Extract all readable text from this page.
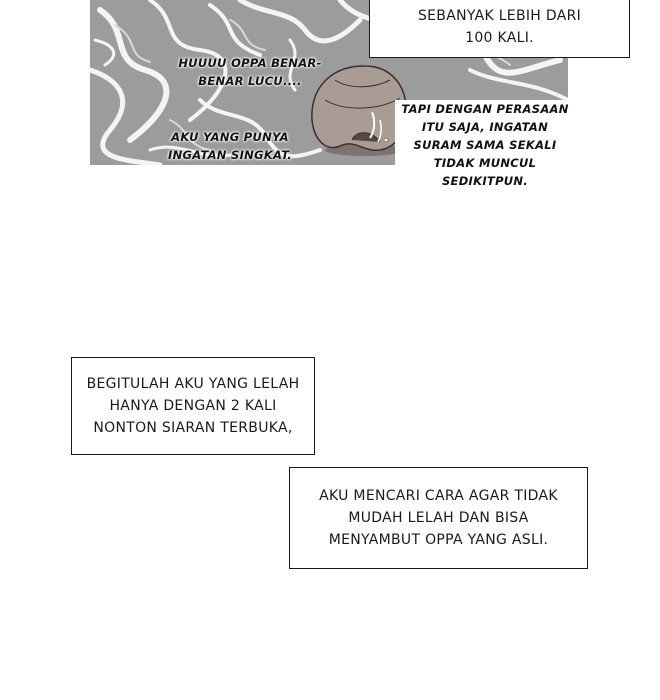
HUUUU OPPA BENAR-
BENAR LUCU....
AKU YANG PUNYA
INGATAN SINGKAT.
TAPI DENGAN PERASAAN
ITU SAJA, INGATAN
SURAM SAMA SEKALI
TIDAK MUNCUL
SEDIKITPUN.
SEBANYAK LEBIH DARI
100 KALI.
BEGITULAH AKU YANG LELAH
HANYA DENGAN 2 KALI
NONTON SIARAN TERBUKA,
AKU MENCARI CARA AGAR TIDAK
MUDAH LELAH DAN BISA
MENYAMBUT OPPA YANG ASLI.
